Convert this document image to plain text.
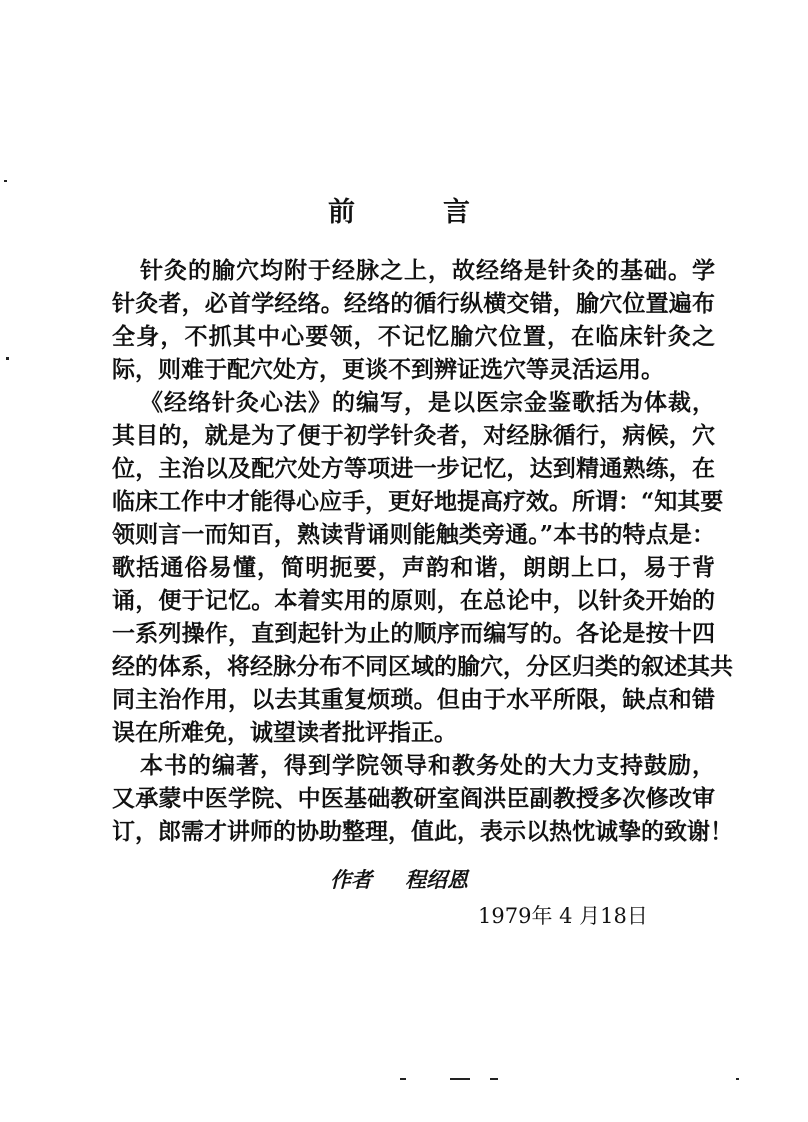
前	言
针灸的腧穴均附于经脉之上，故经络是针灸的基础。学
针灸者，必首学经络。经络的循行纵横交错，腧穴位置遍布
全身，不抓其中心要领，不记忆腧穴位置，在临床针灸之
际，则难于配穴处方，更谈不到辨证选穴等灵活运用。
《经络针灸心法》的编写，是以医宗金鉴歌括为体裁，
其目的，就是为了便于初学针灸者，对经脉循行，病候，穴
位，主治以及配穴处方等项进一步记忆，达到精通熟练，在
临床工作中才能得心应手，更好地提高疗效。所谓：“知其要
领则言一而知百，熟读背诵则能触类旁通。”本书的特点是：
歌括通俗易懂，简明扼要，声韵和谐，朗朗上口，易于背
诵，便于记忆。本着实用的原则，在总论中，以针灸开始的
一系列操作，直到起针为止的顺序而编写的。各论是按十四
经的体系，将经脉分布不同区域的腧穴，分区归类的叙述其共
同主治作用，以去其重复烦琐。但由于水平所限，缺点和错
误在所难免，诚望读者批评指正。
本书的编著，得到学院领导和教务处的大力支持鼓励，
又承蒙中医学院、中医基础教研室阎洪臣副教授多次修改审
订，郎需才讲师的协助整理，值此，表示以热忱诚挚的致谢！
作者 程绍恩
1979年 4 月18日
